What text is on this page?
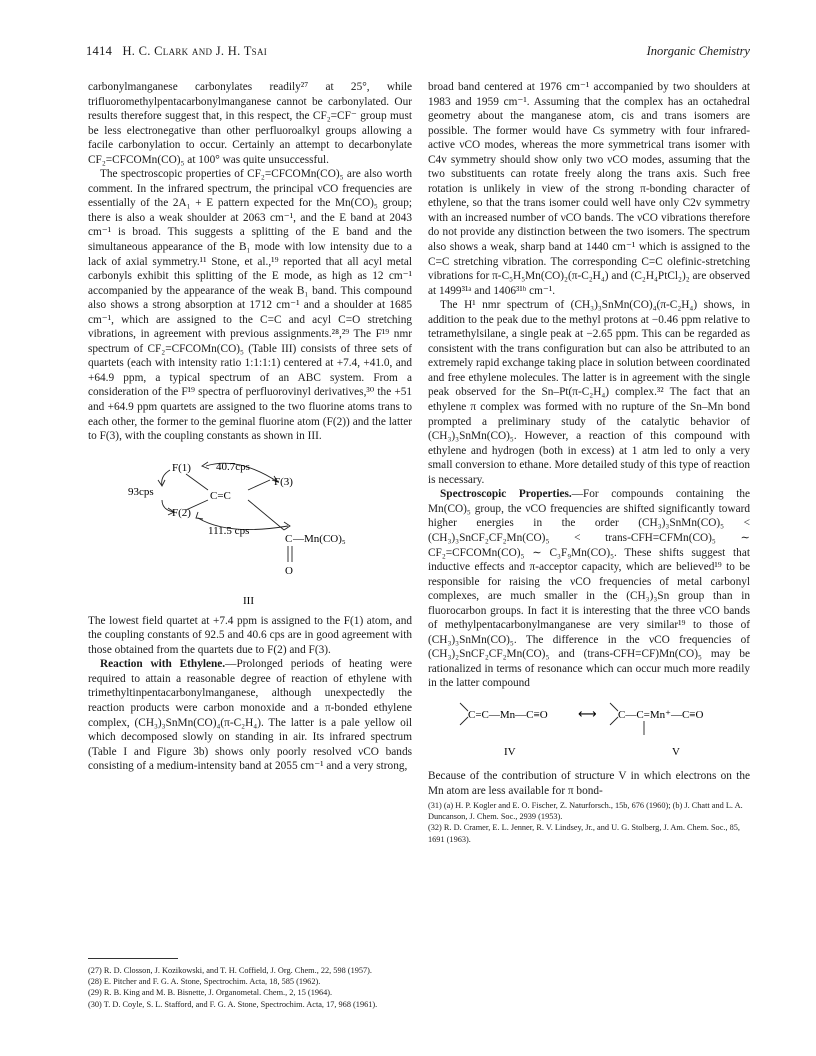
1414 H. C. Clark and J. H. Tsai	Inorganic Chemistry

carbonylmanganese carbonylates readily²⁷ at 25°, while trifluoromethylpentacarbonylmanganese cannot be carbonylated. Our results therefore suggest that, in this respect, the CF₂=CF⁻ group must be less electronegative than other perfluoroalkyl groups allowing a facile carbonylation to occur. Certainly an attempt to decarbonylate CF₂=CFCOMn(CO)₅ at 100° was quite unsuccessful.

The spectroscopic properties of CF₂=CFCOMn(CO)₅ are also worth comment. In the infrared spectrum, the principal νCO frequencies are essentially of the 2A₁ + E pattern expected for the Mn(CO)₅ group; there is also a weak shoulder at 2063 cm⁻¹, and the E band at 2043 cm⁻¹ is broad. This suggests a splitting of the E band and the simultaneous appearance of the B₁ mode with low intensity due to a lack of axial symmetry.¹¹ Stone, et al.,¹⁹ reported that all acyl metal carbonyls exhibit this splitting of the E mode, as high as 12 cm⁻¹ accompanied by the appearance of the weak B₁ band. This compound also shows a strong absorption at 1712 cm⁻¹ and a shoulder at 1685 cm⁻¹, which are assigned to the C=C and acyl C=O stretching vibrations, in agreement with previous assignments.²⁸,²⁹ The F¹⁹ nmr spectrum of CF₂=CFCOMn(CO)₅ (Table III) consists of three sets of quartets (each with intensity ratio 1:1:1:1) centered at +7.4, +41.0, and +64.9 ppm, a typical spectrum of an ABC system. From a consideration of the F¹⁹ spectra of perfluorovinyl derivatives,³⁰ the +51 and +64.9 ppm quartets are assigned to the two fluorine atoms trans to each other, the former to the geminal fluorine atom (F(2)) and the latter to F(3), with the coupling constants as shown in III.

F(1)
93cps
F(2)
40.7cps
F(3)
C=C
111.5 cps
C —Mn(CO)₅
O
III

The lowest field quartet at +7.4 ppm is assigned to the F(1) atom, and the coupling constants of 92.5 and 40.6 cps are in good agreement with those obtained from the quartets due to F(2) and F(3).

Reaction with Ethylene.—Prolonged periods of heating were required to attain a reasonable degree of reaction of ethylene with trimethyltinpentacarbonylmanganese, although unexpectedly the reaction products were carbon monoxide and a π-bonded ethylene complex, (CH₃)₃SnMn(CO)₄(π-C₂H₄). The latter is a pale yellow oil which decomposed slowly on standing in air. Its infrared spectrum (Table I and Figure 3b) shows only poorly resolved νCO bands consisting of a medium-intensity band at 2055 cm⁻¹ and a very strong,

(27) R. D. Closson, J. Kozikowski, and T. H. Coffield, J. Org. Chem., 22, 598 (1957).
(28) E. Pitcher and F. G. A. Stone, Spectrochim. Acta, 18, 585 (1962).
(29) R. B. King and M. B. Bisnette, J. Organometal. Chem., 2, 15 (1964).
(30) T. D. Coyle, S. L. Stafford, and F. G. A. Stone, Spectrochim. Acta, 17, 968 (1961).

broad band centered at 1976 cm⁻¹ accompanied by two shoulders at 1983 and 1959 cm⁻¹. Assuming that the complex has an octahedral geometry about the manganese atom, cis and trans isomers are possible. The former would have Cs symmetry with four infrared-active νCO modes, whereas the more symmetrical trans isomer with C4v symmetry should show only two νCO modes, assuming that the two substituents can rotate freely along the trans axis. Such free rotation is unlikely in view of the strong π-bonding character of ethylene, so that the trans isomer could well have only C2v symmetry with an increased number of νCO bands. The νCO vibrations therefore do not provide any distinction between the two isomers. The spectrum also shows a weak, sharp band at 1440 cm⁻¹ which is assigned to the C=C stretching vibration. The corresponding C=C olefinic-stretching vibrations for π-C₅H₅Mn(CO)₂(π-C₂H₄) and (C₂H₄PtCl₂)₂ are observed at 1499³¹ᵃ and 1406³¹ᵇ cm⁻¹.

The H¹ nmr spectrum of (CH₃)₃SnMn(CO)₄(π-C₂H₄) shows, in addition to the peak due to the methyl protons at −0.46 ppm relative to tetramethylsilane, a single peak at −2.65 ppm. This can be regarded as consistent with the trans configuration but can also be attributed to an extremely rapid exchange taking place in solution between coordinated and free ethylene molecules. The latter is in agreement with the single peak observed for the Sn–Pt(π-C₂H₄) complex.³² The fact that an ethylene π complex was formed with no rupture of the Sn–Mn bond prompted a preliminary study of the catalytic behavior of (CH₃)₃SnMn(CO)₅. However, a reaction of this compound with ethylene and hydrogen (both in excess) at 1 atm led to only a very small conversion to ethane. More detailed study of this type of reaction is necessary.

Spectroscopic Properties.—For compounds containing the Mn(CO)₅ group, the νCO frequencies are shifted significantly toward higher energies in the order (CH₃)₃SnMn(CO)₅ < (CH₃)₃SnCF₂CF₂Mn(CO)₅ < trans-CFH=CFMn(CO)₅ ∼ CF₂=CFCOMn(CO)₅ ∼ C₃F₉Mn(CO)₅. These shifts suggest that inductive effects and π-acceptor capacity, which are believed¹⁹ to be responsible for raising the νCO frequencies of metal carbonyl complexes, are much smaller in the (CH₃)₃Sn group than in fluorocarbon groups. In fact it is interesting that the three νCO bands of methylpentacarbonylmanganese are very similar¹⁹ to those of (CH₃)₃SnMn(CO)₅. The difference in the νCO frequencies of (CH₃)₂SnCF₂CF₂Mn(CO)₅ and (trans-CFH=CF)Mn(CO)₅ may be rationalized in terms of resonance which can occur much more readily in the latter compound

C=C—Mn—C≡O ⟷ C—C=Mn⁺—C≡O
IV	V

Because of the contribution of structure V in which electrons on the Mn atom are less available for π bond-

(31) (a) H. P. Kogler and E. O. Fischer, Z. Naturforsch., 15b, 676 (1960); (b) J. Chatt and L. A. Duncanson, J. Chem. Soc., 2939 (1953).
(32) R. D. Cramer, E. L. Jenner, R. V. Lindsey, Jr., and U. G. Stolberg, J. Am. Chem. Soc., 85, 1691 (1963).
